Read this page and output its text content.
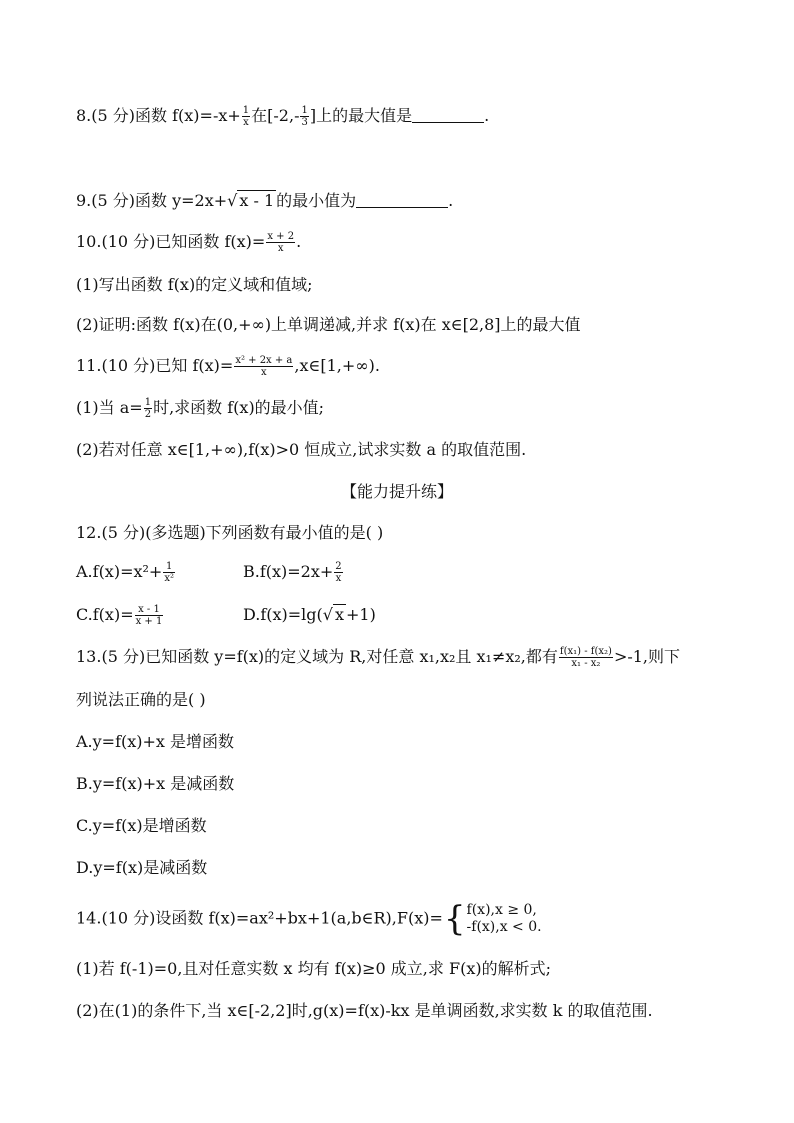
8.(5 分)函数 $f(x)=-x+ \frac{1}{x}$ 在[$-2,- \frac{1}{3}$ ]上的最大值是	.
9.(5 分)函数 y=2x+√ x - 1 的最小值为	.
10.(10 分)已知函数 $f(x)= \frac{x + 2}{x}$ .
(1)写出函数 f(x)的定义域和值域;
(2)证明:函数 f(x)在(0,+∞)上单调递减,并求 f(x)在 x∈[2,8]上的最大值
11.(10 分)已知 $f(x)= \frac{\text{x² + 2x + a}}{x}$ ,x∈[1,+∞).
(1)当 $a= \frac{1}{2}$ 时,求函数 f(x)的最小值;
(2)若对任意 x∈[1,+∞),f(x)>0 恒成立,试求实数 a 的取值范围.
【能力提升练】
12.(5 分)(多选题)下列函数有最小值的是( )
$A.f(x)=x^2+ \frac{1}{\text{x²}}$	$B.f(x)=2x+ \frac{2}{x}$
$C.f(x)= \frac{x - 1}{x + 1}$	D.f(x)=lg(√ x +1)
13.(5 分)已知函数 y=f(x)的定义域为 R,对任意 x₁,x₂且 x₁≠x₂,都有 $\frac{\text{f(x₁) - f(x₂)}}{\text{x₁ - x₂}} >-1$,则下
列说法正确的是( )
A.y=f(x)+x 是增函数
B.y=f(x)+x 是减函数
C.y=f(x)是增函数
D.y=f(x)是减函数
14.(10 分)设函数 f(x)=ax²+bx+1(a,b∈R),F(x)={ f(x),x ≥ 0,
-f(x),x < 0.
(1)若 f(-1)=0,且对任意实数 x 均有 f(x)≥0 成立,求 F(x)的解析式;
(2)在(1)的条件下,当 x∈[-2,2]时,g(x)=f(x)-kx 是单调函数,求实数 k 的取值范围.
